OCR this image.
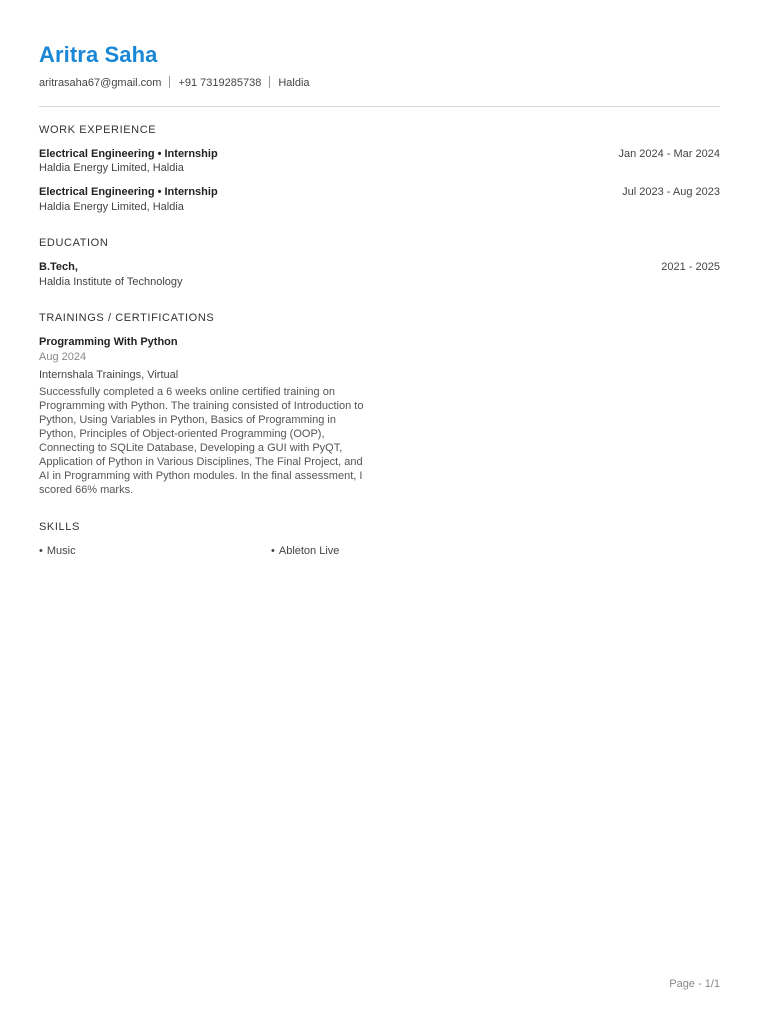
Aritra Saha
aritrasaha67@gmail.com +91 7319285738 Haldia
WORK EXPERIENCE
Electrical Engineering • Internship	Jan 2024 - Mar 2024
Haldia Energy Limited, Haldia
Electrical Engineering • Internship	Jul 2023 - Aug 2023
Haldia Energy Limited, Haldia
EDUCATION
B.Tech,	2021 - 2025
Haldia Institute of Technology
TRAININGS / CERTIFICATIONS
Programming With Python
Aug 2024
Internshala Trainings, Virtual
Successfully completed a 6 weeks online certified training on Programming with Python. The training consisted of Introduction to Python, Using Variables in Python, Basics of Programming in Python, Principles of Object-oriented Programming (OOP), Connecting to SQLite Database, Developing a GUI with PyQT, Application of Python in Various Disciplines, The Final Project, and AI in Programming with Python modules. In the final assessment, I scored 66% marks.
SKILLS
• Music	• Ableton Live
Page - 1/1
